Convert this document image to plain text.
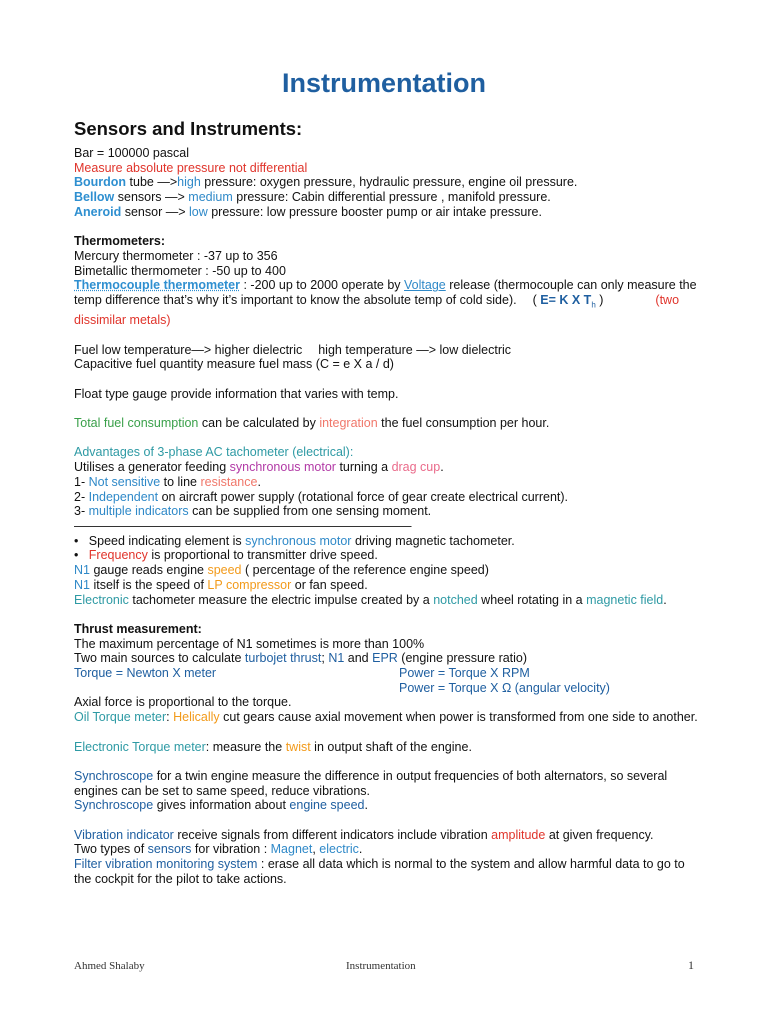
Instrumentation
Sensors and Instruments:
Bar = 100000 pascal
Measure absolute pressure not differential
Bourdon tube —>high pressure: oxygen pressure, hydraulic pressure, engine oil pressure.
Bellow sensors —> medium pressure: Cabin differential pressure , manifold pressure.
Aneroid sensor —> low pressure: low pressure booster pump or air intake pressure.
Thermometers:
Mercury thermometer : -37 up to 356
Bimetallic thermometer : -50 up to 400
Thermocouple thermometer : -200 up to 2000 operate by Voltage release (thermocouple can only measure the temp difference that’s why it’s important to know the absolute temp of cold side). ( E= K X $T_h$ )	(two dissimilar metals)
Fuel low temperature—> higher dielectric high temperature —> low dielectric
Capacitive fuel quantity measure fuel mass (C = e X a / d)
Float type gauge provide information that varies with temp.
Total fuel consumption can be calculated by integration the fuel consumption per hour.
Advantages of 3-phase AC tachometer (electrical):
Utilises a generator feeding synchronous motor turning a drag cup.
1- Not sensitive to line resistance.
2- Independent on aircraft power supply (rotational force of gear create electrical current).
3- multiple indicators can be supplied from one sensing moment.
———————————————————————————
•   Speed indicating element is synchronous motor driving magnetic tachometer.
•   Frequency is proportional to transmitter drive speed.
N1 gauge reads engine speed ( percentage of the reference engine speed)
N1 itself is the speed of LP compressor or fan speed.
Electronic tachometer measure the electric impulse created by a notched wheel rotating in a magnetic field.
Thrust measurement:
The maximum percentage of N1 sometimes is more than 100%
Two main sources to calculate turbojet thrust; N1 and EPR (engine pressure ratio)
Torque = Newton X meter	Power = Torque X RPM
Power = Torque X Ω (angular velocity)
Axial force is proportional to the torque.
Oil Torque meter: Helically cut gears cause axial movement when power is transformed from one side to another.
Electronic Torque meter: measure the twist in output shaft of the engine.
Synchroscope for a twin engine measure the difference in output frequencies of both alternators, so several engines can be set to same speed, reduce vibrations.
Synchroscope gives information about engine speed.
Vibration indicator receive signals from different indicators include vibration amplitude at given frequency.
Two types of sensors for vibration : Magnet, electric.
Filter vibration monitoring system : erase all data which is normal to the system and allow harmful data to go to the cockpit for the pilot to take actions.
Ahmed Shalaby	Instrumentation	1
